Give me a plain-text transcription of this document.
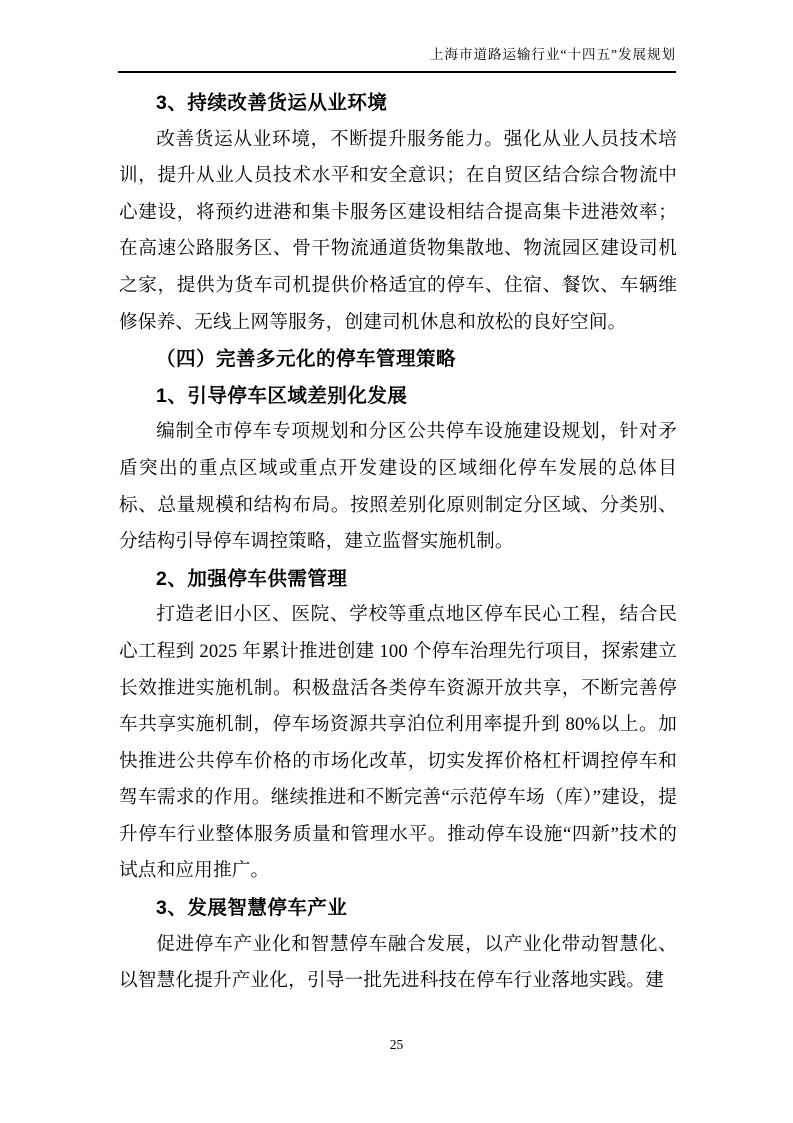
上海市道路运输行业“十四五”发展规划
3、持续改善货运从业环境

改善货运从业环境，不断提升服务能力。强化从业人员技术培训，提升从业人员技术水平和安全意识；在自贸区结合综合物流中心建设，将预约进港和集卡服务区建设相结合提高集卡进港效率；在高速公路服务区、骨干物流通道货物集散地、物流园区建设司机之家，提供为货车司机提供价格适宜的停车、住宿、餐饮、车辆维修保养、无线上网等服务，创建司机休息和放松的良好空间。

（四）完善多元化的停车管理策略
1、引导停车区域差别化发展

编制全市停车专项规划和分区公共停车设施建设规划，针对矛盾突出的重点区域或重点开发建设的区域细化停车发展的总体目标、总量规模和结构布局。按照差别化原则制定分区域、分类别、分结构引导停车调控策略，建立监督实施机制。

2、加强停车供需管理

打造老旧小区、医院、学校等重点地区停车民心工程，结合民心工程到 2025 年累计推进创建 100 个停车治理先行项目，探索建立长效推进实施机制。积极盘活各类停车资源开放共享，不断完善停车共享实施机制，停车场资源共享泊位利用率提升到 80%以上。加快推进公共停车价格的市场化改革，切实发挥价格杠杆调控停车和驾车需求的作用。继续推进和不断完善“示范停车场（库）”建设，提升停车行业整体服务质量和管理水平。推动停车设施“四新”技术的试点和应用推广。

3、发展智慧停车产业

促进停车产业化和智慧停车融合发展，以产业化带动智慧化、以智慧化提升产业化，引导一批先进科技在停车行业落地实践。建

25
